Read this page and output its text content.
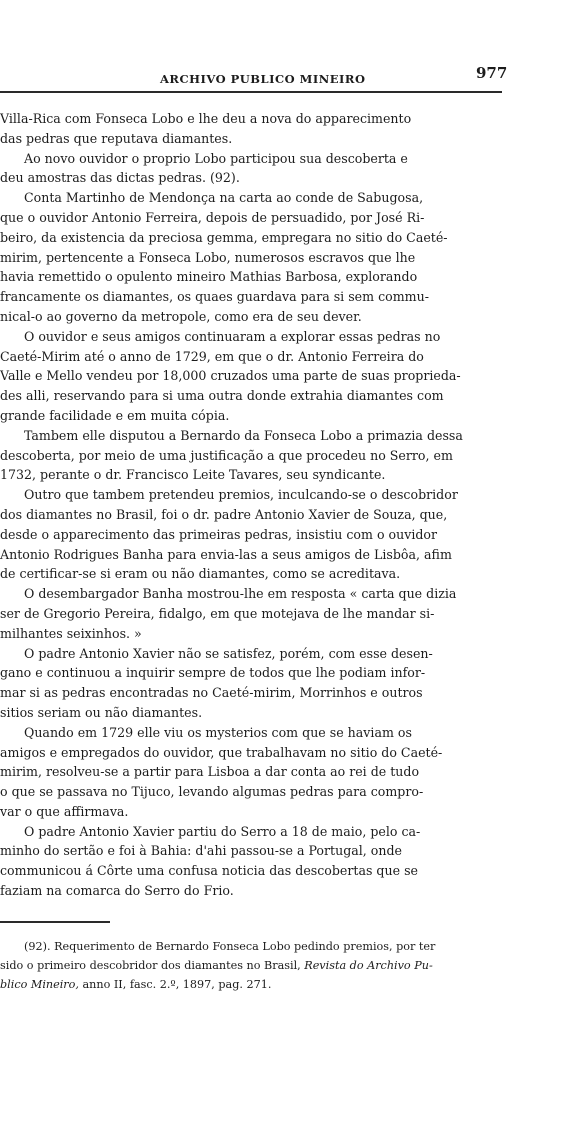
ARCHIVO PUBLICO MINEIRO	977
Villa-Rica com Fonseca Lobo e lhe deu a nova do apparecimento
das pedras que reputava diamantes.
Ao novo ouvidor o proprio Lobo participou sua descoberta e
deu amostras das dictas pedras. (92).
Conta Martinho de Mendonça na carta ao conde de Sabugosa,
que o ouvidor Antonio Ferreira, depois de persuadido, por José Ri-
beiro, da existencia da preciosa gemma, empregara no sitio do Caeté-
mirim, pertencente a Fonseca Lobo, numerosos escravos que lhe
havia remettido o opulento mineiro Mathias Barbosa, explorando
francamente os diamantes, os quaes guardava para si sem commu-
nical-o ao governo da metropole, como era de seu dever.
O ouvidor e seus amigos continuaram a explorar essas pedras no
Caeté-Mirim até o anno de 1729, em que o dr. Antonio Ferreira do
Valle e Mello vendeu por 18,000 cruzados uma parte de suas proprieda-
des alli, reservando para si uma outra donde extrahia diamantes com
grande facilidade e em muita cópia.
Tambem elle disputou a Bernardo da Fonseca Lobo a primazia dessa
descoberta, por meio de uma justificação a que procedeu no Serro, em
1732, perante o dr. Francisco Leite Tavares, seu syndicante.
Outro que tambem pretendeu premios, inculcando-se o descobridor
dos diamantes no Brasil, foi o dr. padre Antonio Xavier de Souza, que,
desde o apparecimento das primeiras pedras, insistiu com o ouvidor
Antonio Rodrigues Banha para envia-las a seus amigos de Lisbôa, afim
de certificar-se si eram ou não diamantes, como se acreditava.
O desembargador Banha mostrou-lhe em resposta « carta que dizia
ser de Gregorio Pereira, fidalgo, em que motejava de lhe mandar si-
milhantes seixinhos. »
O padre Antonio Xavier não se satisfez, porém, com esse desen-
gano e continuou a inquirir sempre de todos que lhe podiam infor-
mar si as pedras encontradas no Caeté-mirim, Morrinhos e outros
sitios seriam ou não diamantes.
Quando em 1729 elle viu os mysterios com que se haviam os
amigos e empregados do ouvidor, que trabalhavam no sitio do Caeté-
mirim, resolveu-se a partir para Lisboa a dar conta ao rei de tudo
o que se passava no Tijuco, levando algumas pedras para compro-
var o que affirmava.
O padre Antonio Xavier partiu do Serro a 18 de maio, pelo ca-
minho do sertão e foi à Bahia: d'ahi passou-se a Portugal, onde
communicou á Côrte uma confusa noticia das descobertas que se
faziam na comarca do Serro do Frio.
(92). Requerimento de Bernardo Fonseca Lobo pedindo premios, por ter
sido o primeiro descobridor dos diamantes no Brasil, Revista do Archivo Pu-
blico Mineiro, anno II, fasc. 2.º, 1897, pag. 271.
